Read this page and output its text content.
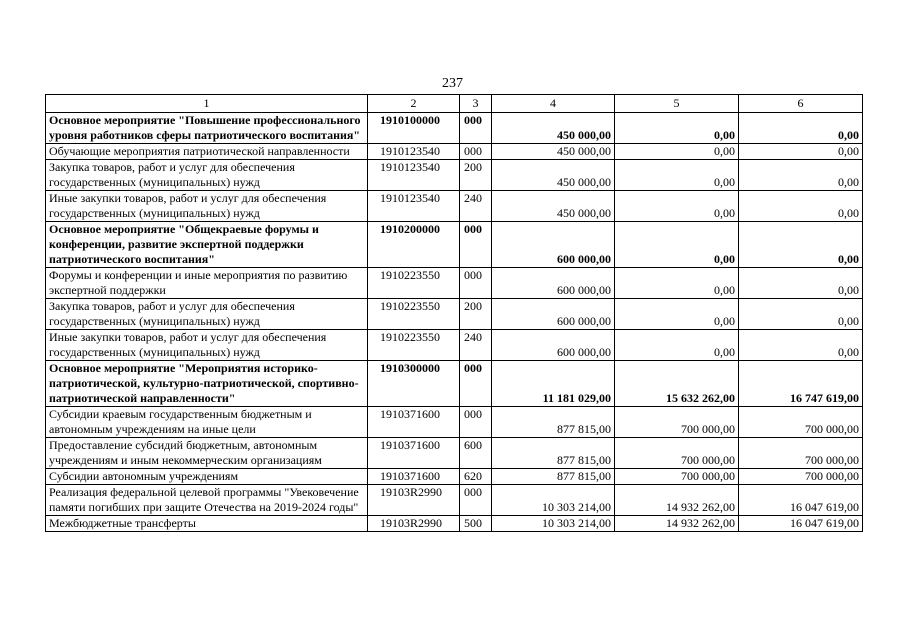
237
1	2	3	4	5	6
Основное мероприятие "Повышение профессионального уровня работников сферы патриотического воспитания"	1910100000	000	450 000,00	0,00	0,00
Обучающие мероприятия патриотической направленности	1910123540	000	450 000,00	0,00	0,00
Закупка товаров, работ и услуг для обеспечения государственных (муниципальных) нужд	1910123540	200	450 000,00	0,00	0,00
Иные закупки товаров, работ и услуг для обеспечения государственных (муниципальных) нужд	1910123540	240	450 000,00	0,00	0,00
Основное мероприятие "Общекраевые форумы и конференции, развитие экспертной поддержки патриотического воспитания"	1910200000	000	600 000,00	0,00	0,00
Форумы и конференции и иные мероприятия по развитию экспертной поддержки	1910223550	000	600 000,00	0,00	0,00
Закупка товаров, работ и услуг для обеспечения государственных (муниципальных) нужд	1910223550	200	600 000,00	0,00	0,00
Иные закупки товаров, работ и услуг для обеспечения государственных (муниципальных) нужд	1910223550	240	600 000,00	0,00	0,00
Основное мероприятие "Мероприятия историко-патриотической, культурно-патриотической, спортивно-патриотической направленности"	1910300000	000	11 181 029,00	15 632 262,00	16 747 619,00
Субсидии краевым государственным бюджетным и автономным учреждениям на иные цели	1910371600	000	877 815,00	700 000,00	700 000,00
Предоставление субсидий бюджетным, автономным учреждениям и иным некоммерческим организациям	1910371600	600	877 815,00	700 000,00	700 000,00
Субсидии автономным учреждениям	1910371600	620	877 815,00	700 000,00	700 000,00
Реализация федеральной целевой программы "Увековечение памяти погибших при защите Отечества на 2019-2024 годы"	19103R2990	000	10 303 214,00	14 932 262,00	16 047 619,00
Межбюджетные трансферты	19103R2990	500	10 303 214,00	14 932 262,00	16 047 619,00
